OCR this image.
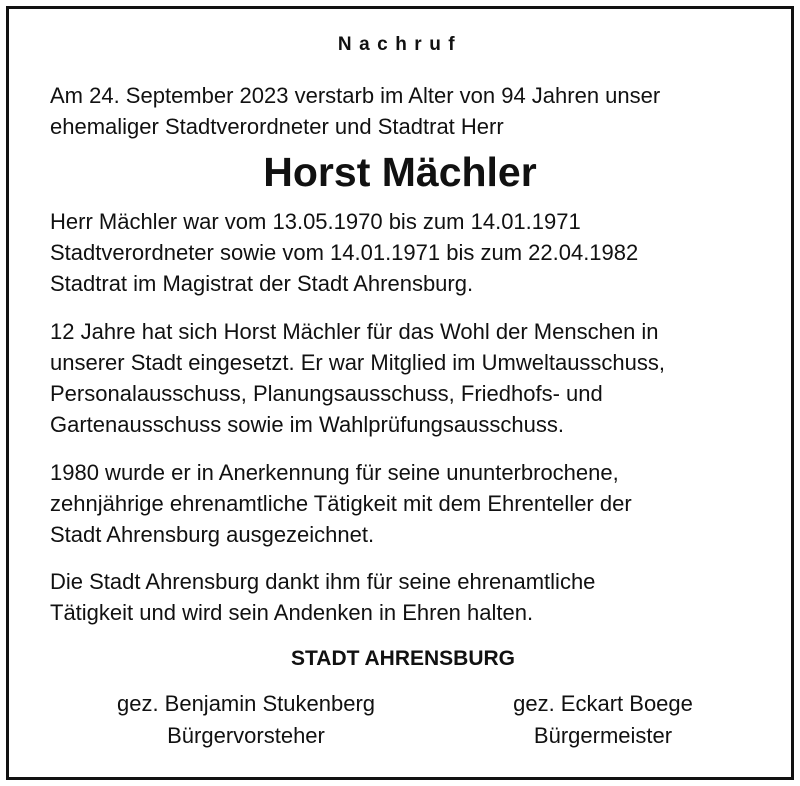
Nachruf
Am 24. September 2023 verstarb im Alter von 94 Jahren unser
ehemaliger Stadtverordneter und Stadtrat Herr
Horst Mächler
Herr Mächler war vom 13.05.1970 bis zum 14.01.1971
Stadtverordneter sowie vom 14.01.1971 bis zum 22.04.1982
Stadtrat im Magistrat der Stadt Ahrensburg.
12 Jahre hat sich Horst Mächler für das Wohl der Menschen in
unserer Stadt eingesetzt. Er war Mitglied im Umweltausschuss,
Personalausschuss, Planungsausschuss, Friedhofs- und
Gartenausschuss sowie im Wahlprüfungsausschuss.
1980 wurde er in Anerkennung für seine ununterbrochene,
zehnjährige ehrenamtliche Tätigkeit mit dem Ehrenteller der
Stadt Ahrensburg ausgezeichnet.
Die Stadt Ahrensburg dankt ihm für seine ehrenamtliche
Tätigkeit und wird sein Andenken in Ehren halten.
STADT AHRENSBURG
gez. Benjamin Stukenberg
Bürgervorsteher
gez. Eckart Boege
Bürgermeister
